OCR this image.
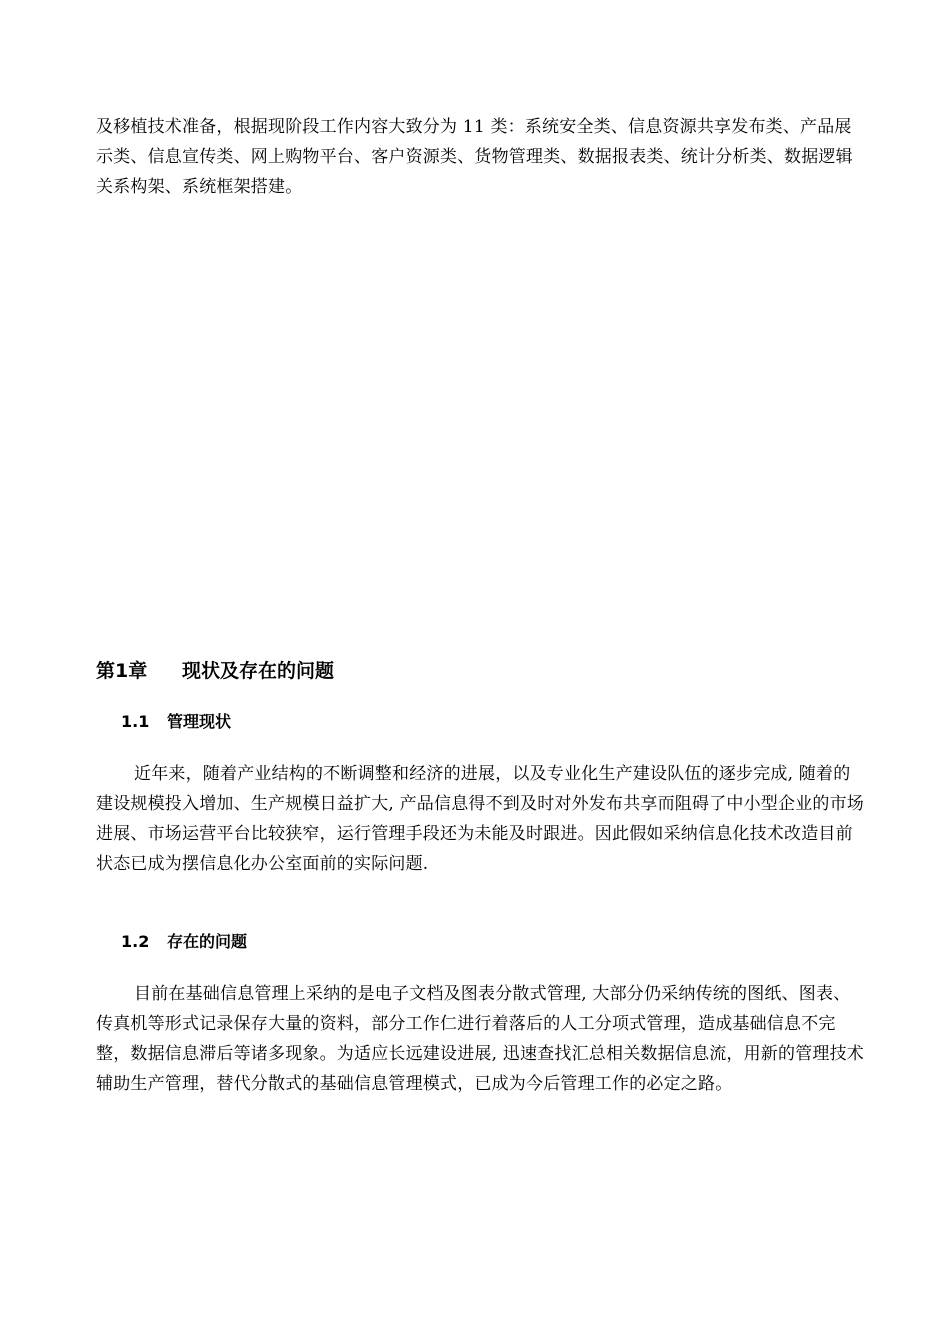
及移植技术准备，根据现阶段工作内容大致分为 11 类：系统安全类、信息资源共享发布类、产品展示类、信息宣传类、网上购物平台、客户资源类、货物管理类、数据报表类、统计分析类、数据逻辑关系构架、系统框架搭建。

第1章 现状及存在的问题
1.1 管理现状

近年来，随着产业结构的不断调整和经济的进展，以及专业化生产建设队伍的逐步完成, 随着的建设规模投入增加、生产规模日益扩大, 产品信息得不到及时对外发布共享而阻碍了中小型企业的市场进展、市场运营平台比较狭窄，运行管理手段还为未能及时跟进。因此假如采纳信息化技术改造目前状态已成为摆信息化办公室面前的实际问题.

1.2 存在的问题

目前在基础信息管理上采纳的是电子文档及图表分散式管理, 大部分仍采纳传统的图纸、图表、传真机等形式记录保存大量的资料，部分工作仁进行着落后的人工分项式管理，造成基础信息不完整，数据信息滞后等诸多现象。为适应长远建设进展, 迅速查找汇总相关数据信息流，用新的管理技术辅助生产管理，替代分散式的基础信息管理模式，已成为今后管理工作的必定之路。
